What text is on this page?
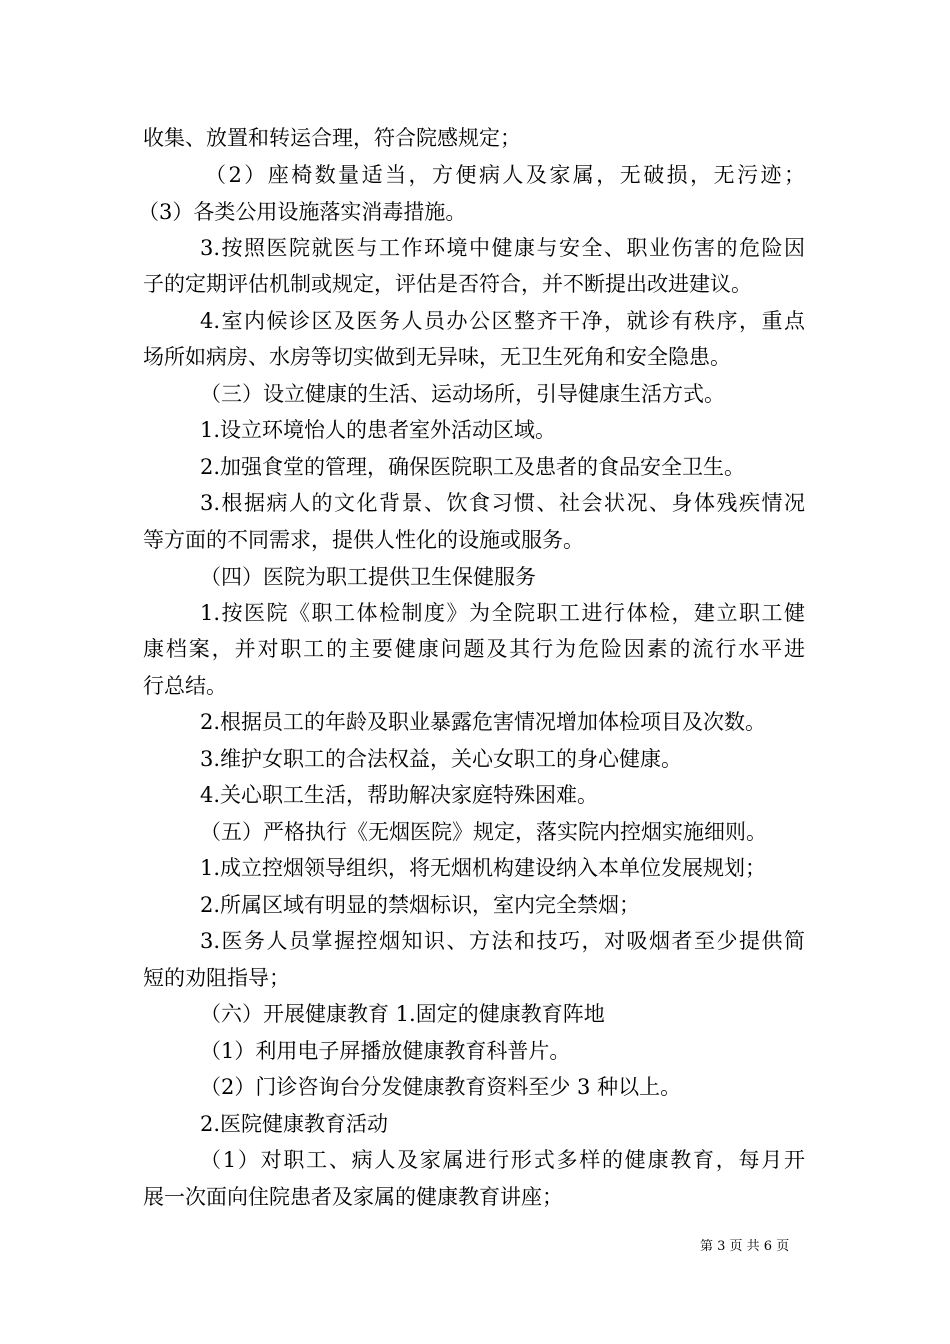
收集、放置和转运合理，符合院感规定；
（2）座椅数量适当，方便病人及家属，无破损，无污迹；
（3）各类公用设施落实消毒措施。
3.按照医院就医与工作环境中健康与安全、职业伤害的危险因
子的定期评估机制或规定，评估是否符合，并不断提出改进建议。
4.室内候诊区及医务人员办公区整齐干净，就诊有秩序，重点
场所如病房、水房等切实做到无异味，无卫生死角和安全隐患。
（三）设立健康的生活、运动场所，引导健康生活方式。
1.设立环境怡人的患者室外活动区域。
2.加强食堂的管理，确保医院职工及患者的食品安全卫生。
3.根据病人的文化背景、饮食习惯、社会状况、身体残疾情况
等方面的不同需求，提供人性化的设施或服务。
（四）医院为职工提供卫生保健服务
1.按医院《职工体检制度》为全院职工进行体检，建立职工健
康档案，并对职工的主要健康问题及其行为危险因素的流行水平进
行总结。
2.根据员工的年龄及职业暴露危害情况增加体检项目及次数。
3.维护女职工的合法权益，关心女职工的身心健康。
4.关心职工生活，帮助解决家庭特殊困难。
（五）严格执行《无烟医院》规定，落实院内控烟实施细则。
1.成立控烟领导组织，将无烟机构建设纳入本单位发展规划；
2.所属区域有明显的禁烟标识，室内完全禁烟；
3.医务人员掌握控烟知识、方法和技巧，对吸烟者至少提供简
短的劝阻指导；
（六）开展健康教育 1.固定的健康教育阵地
（1）利用电子屏播放健康教育科普片。
（2）门诊咨询台分发健康教育资料至少 3 种以上。
2.医院健康教育活动
（1）对职工、病人及家属进行形式多样的健康教育，每月开
展一次面向住院患者及家属的健康教育讲座；
第 3 页 共 6 页
